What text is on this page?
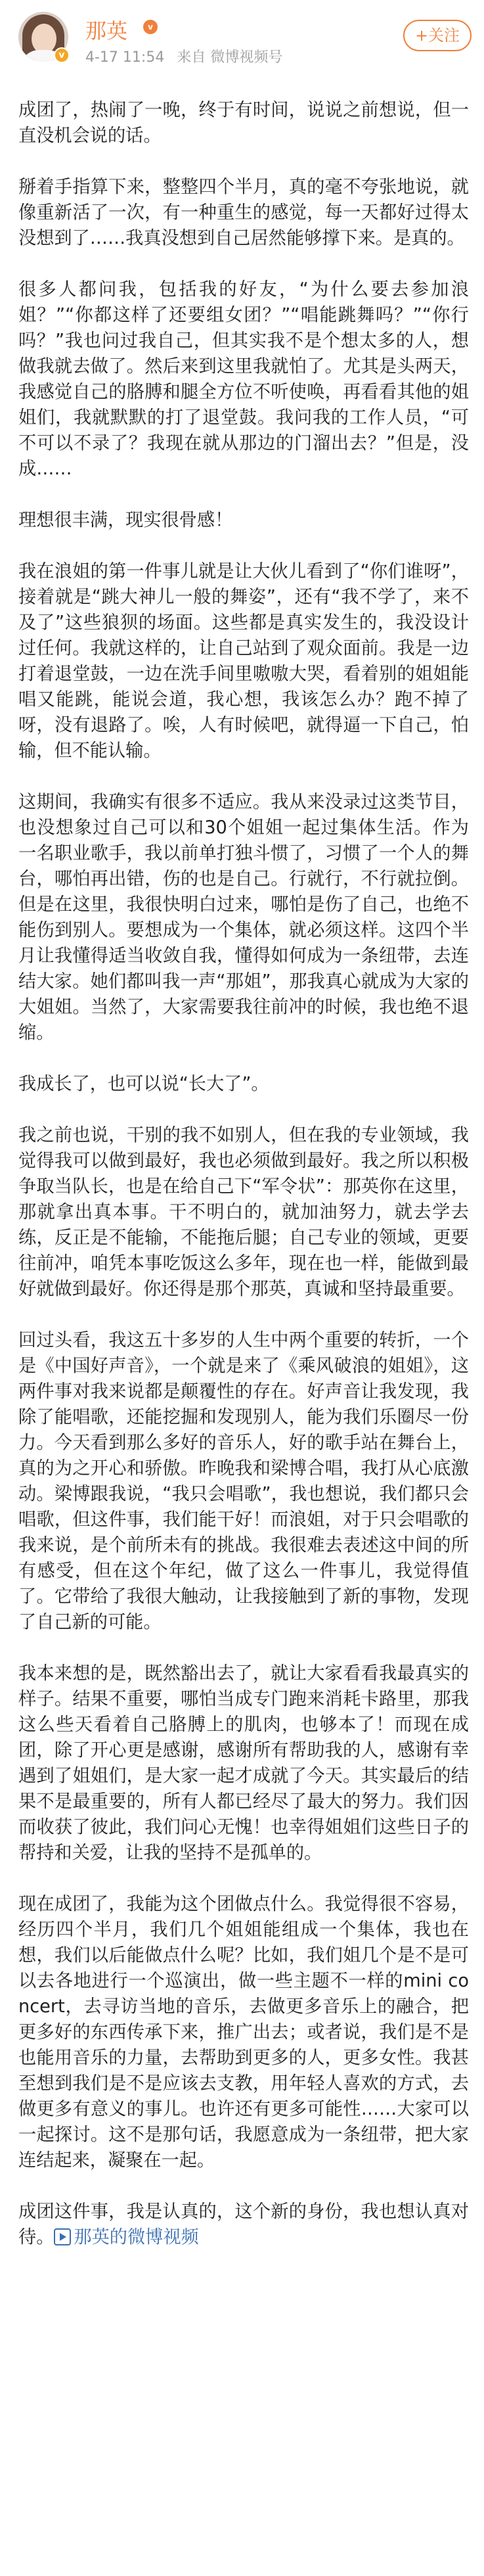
v
那英	v
4-17 11:54 来自 微博视频号
+关注

成团了，热闹了一晚，终于有时间，说说之前想说，但一直没机会说的话。

掰着手指算下来，整整四个半月，真的毫不夸张地说，就像重新活了一次，有一种重生的感觉，每一天都好过得太没想到了……我真没想到自己居然能够撑下来。是真的。

很多人都问我，包括我的好友，“为什么要去参加浪姐？”“你都这样了还要组女团？”“唱能跳舞吗？”“你行吗？”我也问过我自己，但其实我不是个想太多的人，想做我就去做了。然后来到这里我就怕了。尤其是头两天，我感觉自己的胳膊和腿全方位不听使唤，再看看其他的姐姐们，我就默默的打了退堂鼓。我问我的工作人员，“可不可以不录了？我现在就从那边的门溜出去？”但是，没成……

理想很丰满，现实很骨感！

我在浪姐的第一件事儿就是让大伙儿看到了“你们谁呀”，接着就是“跳大神儿一般的舞姿”，还有“我不学了，来不及了”这些狼狈的场面。这些都是真实发生的，我没设计过任何。我就这样的，让自己站到了观众面前。我是一边打着退堂鼓，一边在洗手间里嗷嗷大哭，看着别的姐姐能唱又能跳，能说会道，我心想，我该怎么办？跑不掉了呀，没有退路了。唉，人有时候吧，就得逼一下自己，怕输，但不能认输。

这期间，我确实有很多不适应。我从来没录过这类节目，也没想象过自己可以和30个姐姐一起过集体生活。作为一名职业歌手，我以前单打独斗惯了，习惯了一个人的舞台，哪怕再出错，伤的也是自己。行就行，不行就拉倒。但是在这里，我很快明白过来，哪怕是伤了自己，也绝不能伤到别人。要想成为一个集体，就必须这样。这四个半月让我懂得适当收敛自我，懂得如何成为一条纽带，去连结大家。她们都叫我一声“那姐”，那我真心就成为大家的大姐姐。当然了，大家需要我往前冲的时候，我也绝不退缩。

我成长了，也可以说“长大了”。

我之前也说，干别的我不如别人，但在我的专业领域，我觉得我可以做到最好，我也必须做到最好。我之所以积极争取当队长，也是在给自己下“军令状”：那英你在这里，那就拿出真本事。干不明白的，就加油努力，就去学去练，反正是不能输，不能拖后腿；自己专业的领域，更要往前冲，咱凭本事吃饭这么多年，现在也一样，能做到最好就做到最好。你还得是那个那英，真诚和坚持最重要。

回过头看，我这五十多岁的人生中两个重要的转折，一个是《中国好声音》，一个就是来了《乘风破浪的姐姐》，这两件事对我来说都是颠覆性的存在。好声音让我发现，我除了能唱歌，还能挖掘和发现别人，能为我们乐圈尽一份力。今天看到那么多好的音乐人，好的歌手站在舞台上，真的为之开心和骄傲。昨晚我和梁博合唱，我打从心底激动。梁博跟我说，“我只会唱歌”，我也想说，我们都只会唱歌，但这件事，我们能干好！而浪姐，对于只会唱歌的我来说，是个前所未有的挑战。我很难去表述这中间的所有感受，但在这个年纪，做了这么一件事儿，我觉得值了。它带给了我很大触动，让我接触到了新的事物，发现了自己新的可能。

我本来想的是，既然豁出去了，就让大家看看我最真实的样子。结果不重要，哪怕当成专门跑来消耗卡路里，那我这么些天看着自己胳膊上的肌肉，也够本了！而现在成团，除了开心更是感谢，感谢所有帮助我的人，感谢有幸遇到了姐姐们，是大家一起才成就了今天。其实最后的结果不是最重要的，所有人都已经尽了最大的努力。我们因而收获了彼此，我们问心无愧！也幸得姐姐们这些日子的帮持和关爱，让我的坚持不是孤单的。

现在成团了，我能为这个团做点什么。我觉得很不容易，经历四个半月，我们几个姐姐能组成一个集体，我也在想，我们以后能做点什么呢？比如，我们姐几个是不是可以去各地进行一个巡演出，做一些主题不一样的mini concert，去寻访当地的音乐，去做更多音乐上的融合，把更多好的东西传承下来，推广出去；或者说，我们是不是也能用音乐的力量，去帮助到更多的人，更多女性。我甚至想到我们是不是应该去支教，用年轻人喜欢的方式，去做更多有意义的事儿。也许还有更多可能性……大家可以一起探讨。这不是那句话，我愿意成为一条纽带，把大家连结起来，凝聚在一起。

成团这件事，我是认真的，这个新的身份，我也想认真对待。 那英的微博视频
